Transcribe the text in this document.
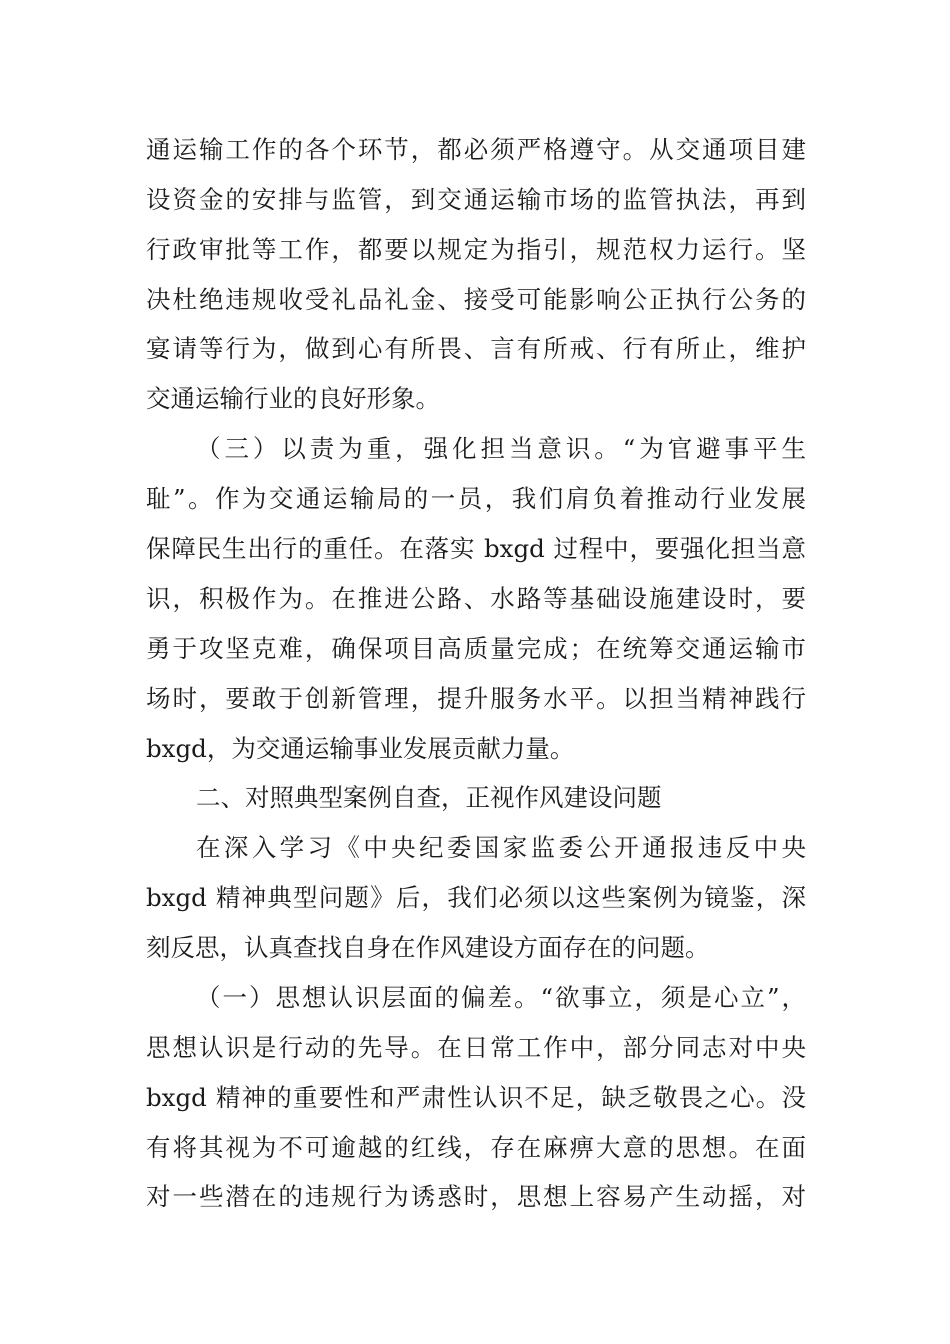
通运输工作的各个环节，都必须严格遵守。从交通项目建
设资金的安排与监管，到交通运输市场的监管执法，再到
行政审批等工作，都要以规定为指引，规范权力运行。坚
决杜绝违规收受礼品礼金、接受可能影响公正执行公务的
宴请等行为，做到心有所畏、言有所戒、行有所止，维护
交通运输行业的良好形象。
（三）以责为重，强化担当意识。“为官避事平生
耻”。作为交通运输局的一员，我们肩负着推动行业发展
保障民生出行的重任。在落实 bxgd 过程中，要强化担当意
识，积极作为。在推进公路、水路等基础设施建设时，要
勇于攻坚克难，确保项目高质量完成；在统筹交通运输市
场时，要敢于创新管理，提升服务水平。以担当精神践行
bxgd，为交通运输事业发展贡献力量。
二、对照典型案例自查，正视作风建设问题
在深入学习《中央纪委国家监委公开通报违反中央
bxgd 精神典型问题》后，我们必须以这些案例为镜鉴，深
刻反思，认真查找自身在作风建设方面存在的问题。
（一）思想认识层面的偏差。“欲事立，须是心立”，
思想认识是行动的先导。在日常工作中，部分同志对中央
bxgd 精神的重要性和严肃性认识不足，缺乏敬畏之心。没
有将其视为不可逾越的红线，存在麻痹大意的思想。在面
对一些潜在的违规行为诱惑时，思想上容易产生动摇，对
